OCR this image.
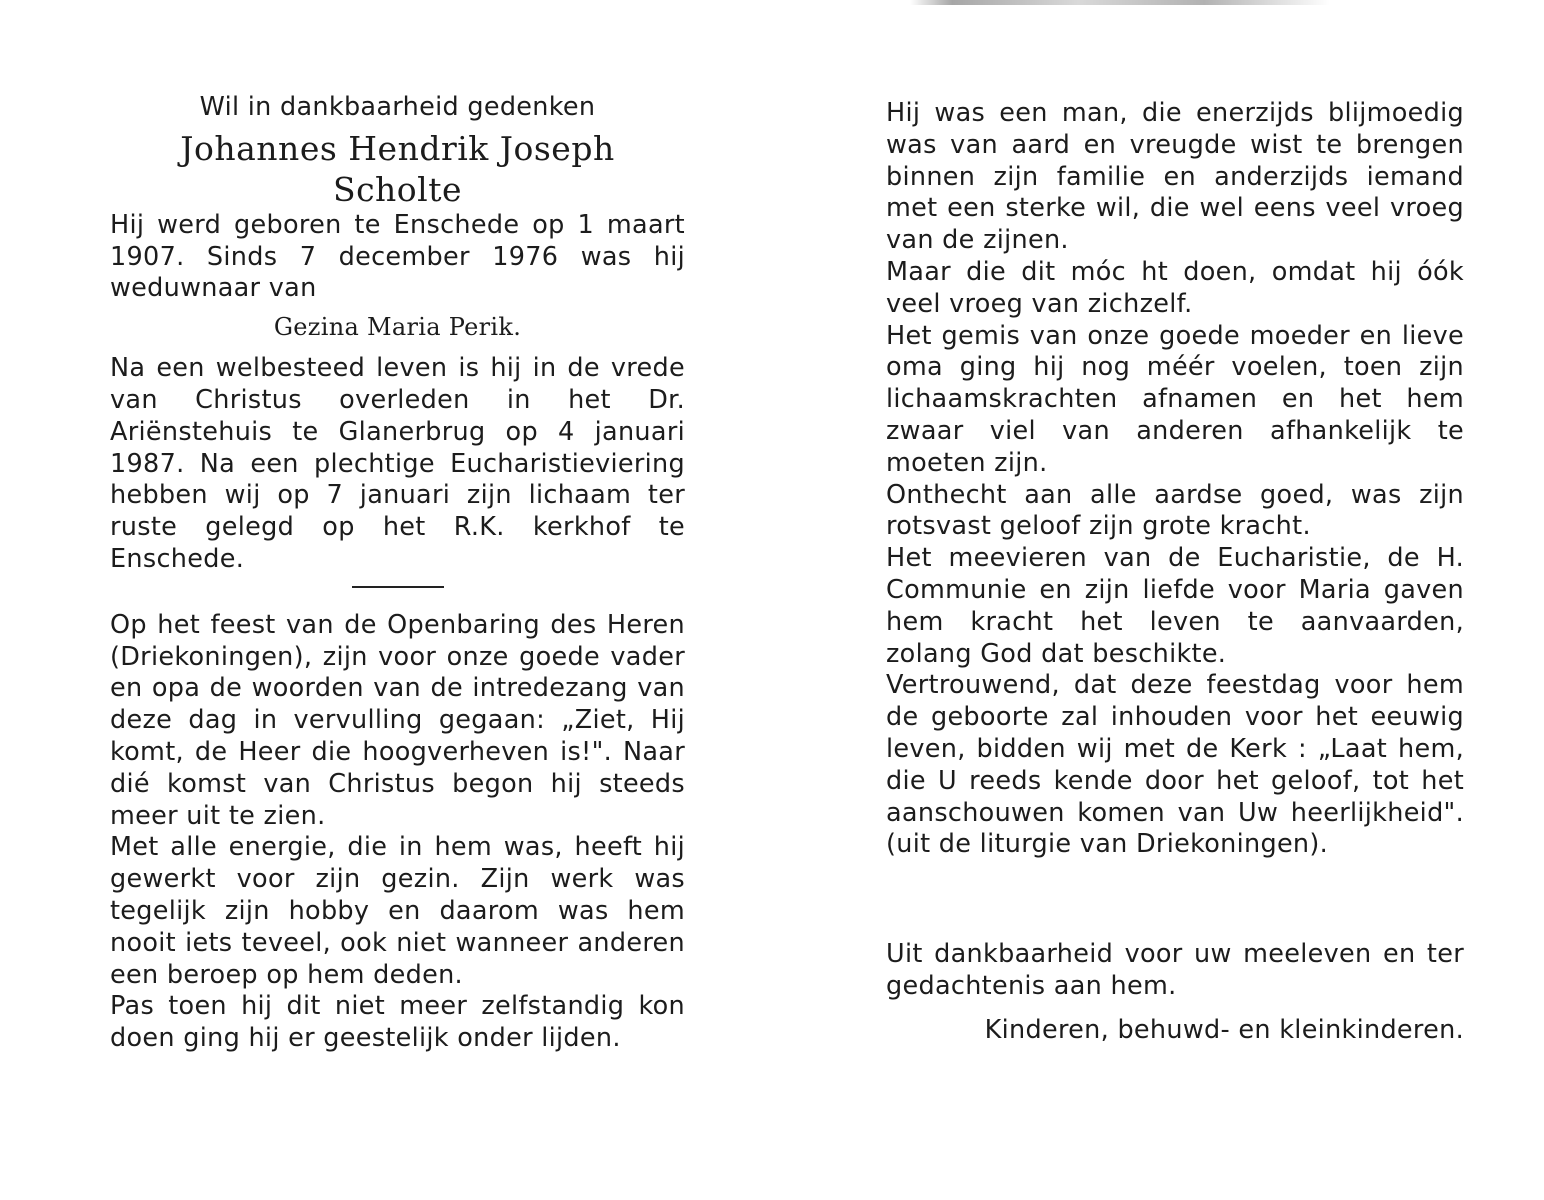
Wil in dankbaarheid gedenken
Johannes Hendrik Joseph
Scholte

Hij werd geboren te Enschede op 1 maart 1907. Sinds 7 december 1976 was hij weduwnaar van

Gezina Maria Perik.

Na een welbesteed leven is hij in de vrede van Christus overleden in het Dr. Ariënstehuis te Glanerbrug op 4 januari 1987. Na een plechtige Eucharistieviering hebben wij op 7 januari zijn lichaam ter ruste gelegd op het R.K. kerkhof te Enschede.

Op het feest van de Openbaring des Heren (Driekoningen), zijn voor onze goede vader en opa de woorden van de intredezang van deze dag in vervulling gegaan: „Ziet, Hij komt, de Heer die hoogverheven is!". Naar dié komst van Christus begon hij steeds meer uit te zien.

Met alle energie, die in hem was, heeft hij gewerkt voor zijn gezin. Zijn werk was tegelijk zijn hobby en daarom was hem nooit iets teveel, ook niet wanneer anderen een beroep op hem deden.

Pas toen hij dit niet meer zelfstandig kon doen ging hij er geestelijk onder lijden.

Hij was een man, die enerzijds blijmoedig was van aard en vreugde wist te brengen binnen zijn familie en anderzijds iemand met een sterke wil, die wel eens veel vroeg van de zijnen.

Maar die dit móc ht doen, omdat hij óók veel vroeg van zichzelf.

Het gemis van onze goede moeder en lieve oma ging hij nog méér voelen, toen zijn lichaamskrachten afnamen en het hem zwaar viel van anderen afhankelijk te moeten zijn.

Onthecht aan alle aardse goed, was zijn rotsvast geloof zijn grote kracht.

Het meevieren van de Eucharistie, de H. Communie en zijn liefde voor Maria gaven hem kracht het leven te aanvaarden, zolang God dat beschikte.

Vertrouwend, dat deze feestdag voor hem de geboorte zal inhouden voor het eeuwig leven, bidden wij met de Kerk : „Laat hem, die U reeds kende door het geloof, tot het aanschouwen komen van Uw heerlijkheid". (uit de liturgie van Driekoningen).

Uit dankbaarheid voor uw meeleven en ter gedachtenis aan hem.

Kinderen, behuwd- en kleinkinderen.
